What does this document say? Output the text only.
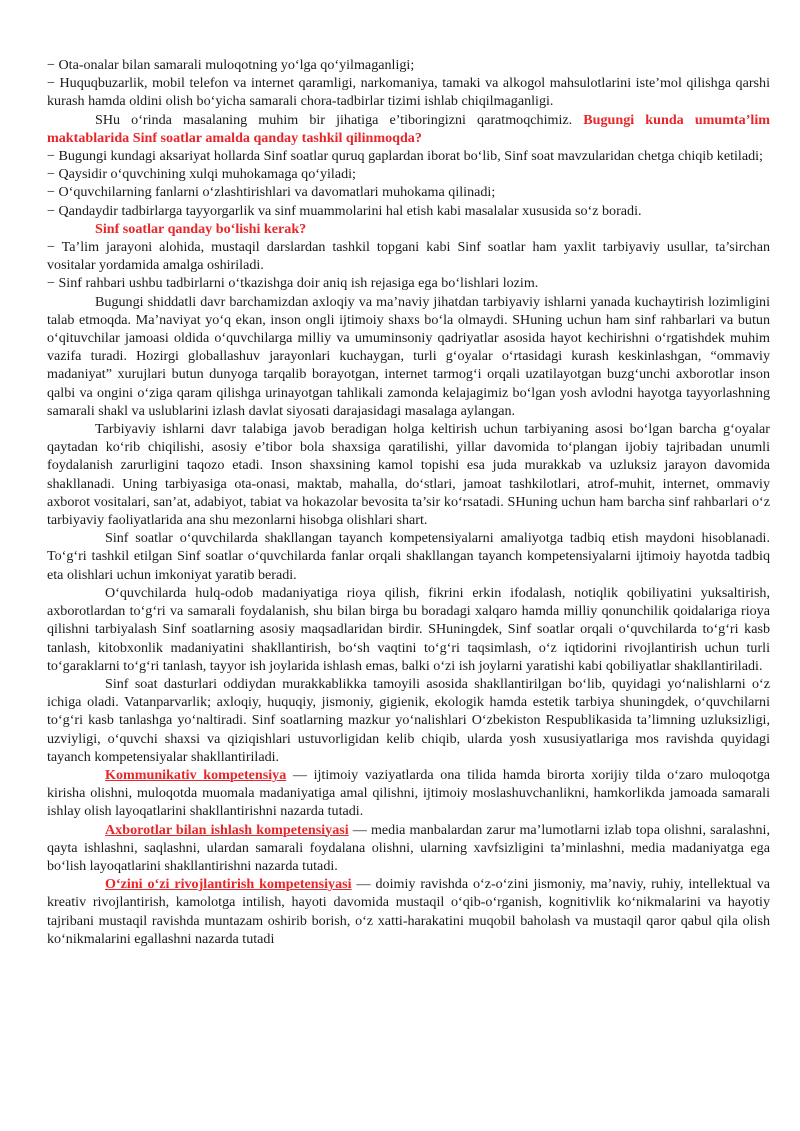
− Ota-onalar bilan samarali muloqotning yo‘lga qo‘yilmaganligi;

− Huquqbuzarlik, mobil telefon va internet qaramligi, narkomaniya, tamaki va alkogol mahsulotlarini iste’mol qilishga qarshi kurash hamda oldini olish bo‘yicha samarali chora-tadbirlar tizimi ishlab chiqilmaganligi.

SHu o‘rinda masalaning muhim bir jihatiga e’tiboringizni qaratmoqchimiz. Bugungi kunda umumta’lim maktablarida Sinf soatlar amalda qanday tashkil qilinmoqda?

− Bugungi kundagi aksariyat hollarda Sinf soatlar quruq gaplardan iborat bo‘lib, Sinf soat mavzularidan chetga chiqib ketiladi;

− Qaysidir o‘quvchining xulqi muhokamaga qo‘yiladi;

− O‘quvchilarning fanlarni o‘zlashtirishlari va davomatlari muhokama qilinadi;

− Qandaydir tadbirlarga tayyorgarlik va sinf muammolarini hal etish kabi masalalar xususida so‘z boradi.

Sinf soatlar qanday bo‘lishi kerak?

− Ta’lim jarayoni alohida, mustaqil darslardan tashkil topgani kabi Sinf soatlar ham yaxlit tarbiyaviy usullar, ta’sirchan vositalar yordamida amalga oshiriladi.

− Sinf rahbari ushbu tadbirlarni o‘tkazishga doir aniq ish rejasiga ega bo‘lishlari lozim.

Bugungi shiddatli davr barchamizdan axloqiy va ma’naviy jihatdan tarbiyaviy ishlarni yanada kuchaytirish lozimligini talab etmoqda. Ma’naviyat yo‘q ekan, inson ongli ijtimoiy shaxs bo‘la olmaydi. SHuning uchun ham sinf rahbarlari va butun o‘qituvchilar jamoasi oldida o‘quvchilarga milliy va umuminsoniy qadriyatlar asosida hayot kechirishni o‘rgatishdek muhim vazifa turadi. Hozirgi globallashuv jarayonlari kuchaygan, turli g‘oyalar o‘rtasidagi kurash keskinlashgan, “ommaviy madaniyat” xurujlari butun dunyoga tarqalib borayotgan, internet tarmog‘i orqali uzatilayotgan buzg‘unchi axborotlar inson qalbi va ongini o‘ziga qaram qilishga urinayotgan tahlikali zamonda kelajagimiz bo‘lgan yosh avlodni hayotga tayyorlashning samarali shakl va uslublarini izlash davlat siyosati darajasidagi masalaga aylangan.

Tarbiyaviy ishlarni davr talabiga javob beradigan holga keltirish uchun tarbiyaning asosi bo‘lgan barcha g‘oyalar qaytadan ko‘rib chiqilishi, asosiy e’tibor bola shaxsiga qaratilishi, yillar davomida to‘plangan ijobiy tajribadan unumli foydalanish zarurligini taqozo etadi. Inson shaxsining kamol topishi esa juda murakkab va uzluksiz jarayon davomida shakllanadi. Uning tarbiyasiga ota-onasi, maktab, mahalla, do‘stlari, jamoat tashkilotlari, atrof-muhit, internet, ommaviy axborot vositalari, san’at, adabiyot, tabiat va hokazolar bevosita ta’sir ko‘rsatadi. SHuning uchun ham barcha sinf rahbarlari o‘z tarbiyaviy faoliyatlarida ana shu mezonlarni hisobga olishlari shart.

Sinf soatlar o‘quvchilarda shakllangan tayanch kompetensiyalarni amaliyotga tadbiq etish maydoni hisoblanadi. To‘g‘ri tashkil etilgan Sinf soatlar o‘quvchilarda fanlar orqali shakllangan tayanch kompetensiyalarni ijtimoiy hayotda tadbiq eta olishlari uchun imkoniyat yaratib beradi.

O‘quvchilarda hulq-odob madaniyatiga rioya qilish, fikrini erkin ifodalash, notiqlik qobiliyatini yuksaltirish, axborotlardan to‘g‘ri va samarali foydalanish, shu bilan birga bu boradagi xalqaro hamda milliy qonunchilik qoidalariga rioya qilishni tarbiyalash Sinf soatlarning asosiy maqsadlaridan birdir. SHuningdek, Sinf soatlar orqali o‘quvchilarda to‘g‘ri kasb tanlash, kitobxonlik madaniyatini shakllantirish, bo‘sh vaqtini to‘g‘ri taqsimlash, o‘z iqtidorini rivojlantirish uchun turli to‘garaklarni to‘g‘ri tanlash, tayyor ish joylarida ishlash emas, balki o‘zi ish joylarni yaratishi kabi qobiliyatlar shakllantiriladi.

Sinf soat dasturlari oddiydan murakkablikka tamoyili asosida shakllantirilgan bo‘lib, quyidagi yo‘nalishlarni o‘z ichiga oladi. Vatanparvarlik; axloqiy, huquqiy, jismoniy, gigienik, ekologik hamda estetik tarbiya shuningdek, o‘quvchilarni to‘g‘ri kasb tanlashga yo‘naltiradi. Sinf soatlarning mazkur yo‘nalishlari O‘zbekiston Respublikasida ta’limning uzluksizligi, uzviyligi, o‘quvchi shaxsi va qiziqishlari ustuvorligidan kelib chiqib, ularda yosh xususiyatlariga mos ravishda quyidagi tayanch kompetensiyalar shakllantiriladi.

Kommunikativ kompetensiya — ijtimoiy vaziyatlarda ona tilida hamda birorta xorijiy tilda o‘zaro muloqotga kirisha olishni, muloqotda muomala madaniyatiga amal qilishni, ijtimoiy moslashuvchanlikni, hamkorlikda jamoada samarali ishlay olish layoqatlarini shakllantirishni nazarda tutadi.

Axborotlar bilan ishlash kompetensiyasi — media manbalardan zarur ma’lumotlarni izlab topa olishni, saralashni, qayta ishlashni, saqlashni, ulardan samarali foydalana olishni, ularning xavfsizligini ta’minlashni, media madaniyatga ega bo‘lish layoqatlarini shakllantirishni nazarda tutadi.

O‘zini o‘zi rivojlantirish kompetensiyasi — doimiy ravishda o‘z-o‘zini jismoniy, ma’naviy, ruhiy, intellektual va kreativ rivojlantirish, kamolotga intilish, hayoti davomida mustaqil o‘qib-o‘rganish, kognitivlik ko‘nikmalarini va hayotiy tajribani mustaqil ravishda muntazam oshirib borish, o‘z xatti-harakatini muqobil baholash va mustaqil qaror qabul qila olish ko‘nikmalarini egallashni nazarda tutadi
